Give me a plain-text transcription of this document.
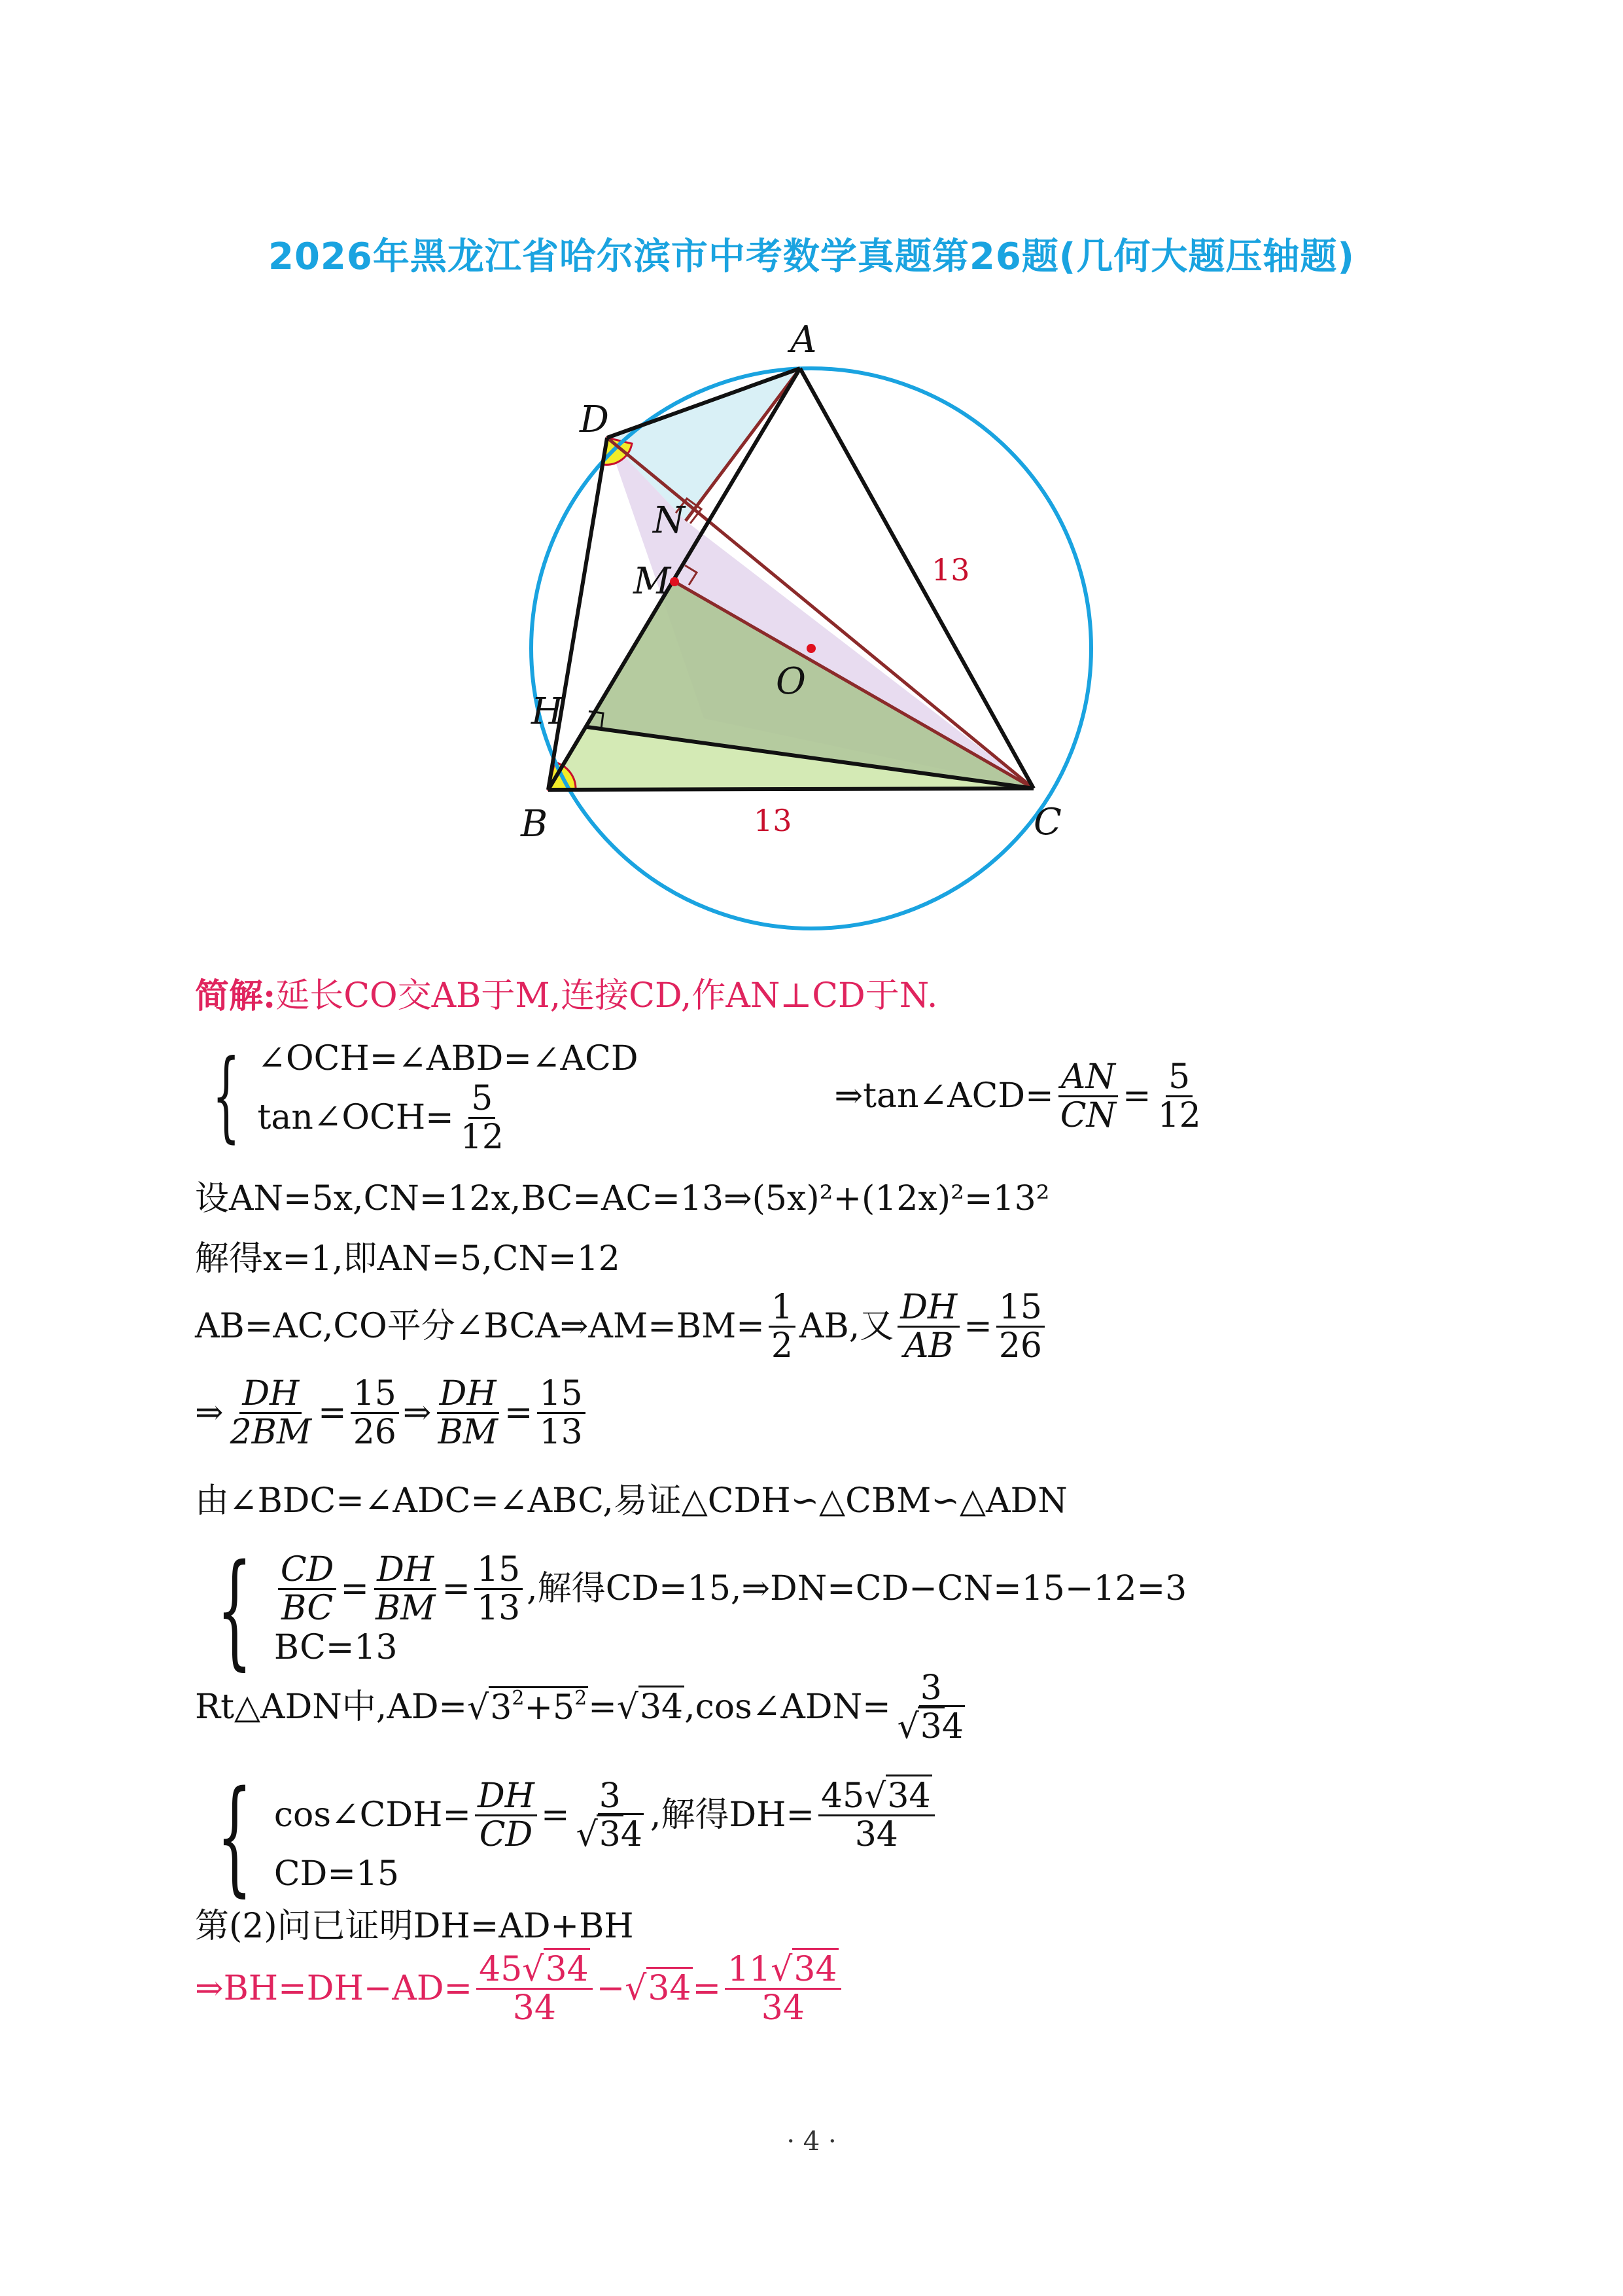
2026年黑龙江省哈尔滨市中考数学真题第26题(几何大题压轴题)
A
B	C
D
H
M
N
O
13
13
简解: 延长CO交AB于M,连接CD,作AN⊥CD于N.
{ ∠OCH=∠ABD=∠ACD
tan∠OCH= $\frac{5}{12}$	⇒tan∠ACD= $\frac{AN}{CN} = \frac{5}{12}$
设AN=5x,CN=12x,BC=AC=13⇒(5x)²+(12x)²=13²
解得x=1,即AN=5,CN=12
AB=AC,CO平分∠BCA⇒AM=BM= $\frac{1}{2}$ AB,又 $\frac{DH}{AB} = \frac{15}{26}$
⇒ $\frac{DH}{2BM} = \frac{15}{26}$ ⇒ $\frac{DH}{BM} = \frac{15}{13}$
由∠BDC=∠ADC=∠ABC,易证△CDH∽△CBM∽△ADN
{ $\frac{CD}{BC} = \frac{DH}{BM} = \frac{15}{13}$ ,解得CD=15,⇒DN=CD−CN=15−12=3
BC=13
Rt△ADN中$,AD= √3^2+5^2 = √34$ ,cos∠ADN= $\frac{3}{√34}$
{ cos∠CDH= $\frac{DH}{CD} = \frac{3}{√34}$ ,解得$DH= \frac{45√34}{34}$
CD=15
第(2)问已证明DH=AD+BH
⇒BH=DH−AD= $\frac{45√34}{34} - √34 = \frac{11√34}{34}$
· 4 ·
